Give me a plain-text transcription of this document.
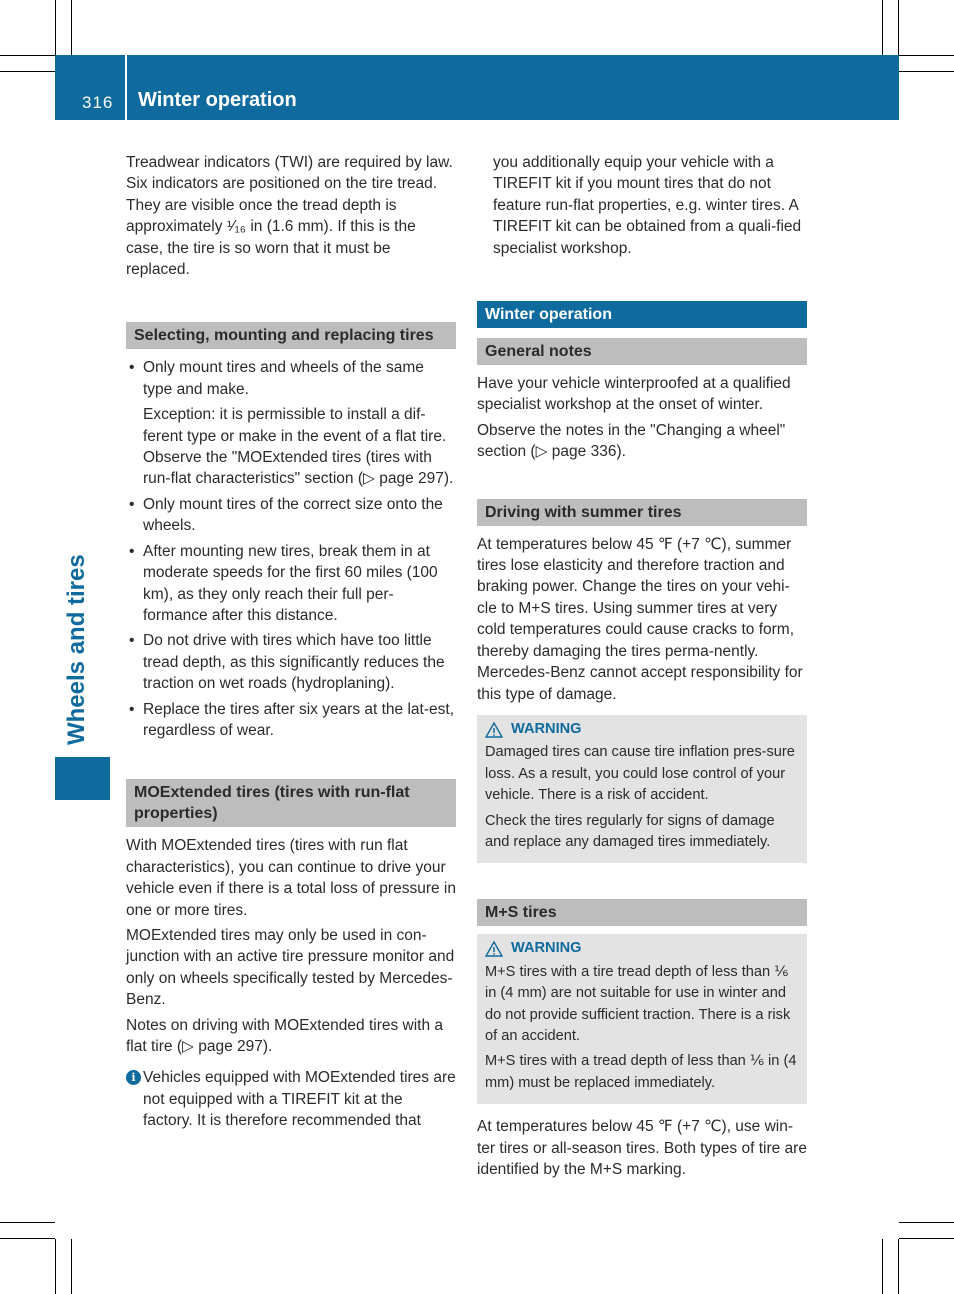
316 Winter operation
Wheels and tires

Treadwear indicators (TWI) are required by law. Six indicators are positioned on the tire tread. They are visible once the tread depth is approximately ¹⁄₁₆ in (1.6 mm). If this is the case, the tire is so worn that it must be replaced.

Selecting, mounting and replacing tires
• Only mount tires and wheels of the same type and make.

Exception: it is permissible to install a dif-ferent type or make in the event of a flat tire. Observe the "MOExtended tires (tires with run-flat characteristics" section (▷ page 297).

• Only mount tires of the correct size onto the wheels.

• After mounting new tires, break them in at moderate speeds for the first 60 miles (100 km), as they only reach their full per-formance after this distance.

• Do not drive with tires which have too little tread depth, as this significantly reduces the traction on wet roads (hydroplaning).

• Replace the tires after six years at the lat-est, regardless of wear.

MOExtended tires (tires with run-flat properties)

With MOExtended tires (tires with run flat characteristics), you can continue to drive your vehicle even if there is a total loss of pressure in one or more tires.

MOExtended tires may only be used in con-junction with an active tire pressure monitor and only on wheels specifically tested by Mercedes-Benz.

Notes on driving with MOExtended tires with a flat tire (▷ page 297).

i Vehicles equipped with MOExtended tires are not equipped with a TIREFIT kit at the factory. It is therefore recommended that

you additionally equip your vehicle with a TIREFIT kit if you mount tires that do not feature run-flat properties, e.g. winter tires. A TIREFIT kit can be obtained from a quali-fied specialist workshop.

Winter operation
General notes

Have your vehicle winterproofed at a qualified specialist workshop at the onset of winter.

Observe the notes in the "Changing a wheel" section (▷ page 336).

Driving with summer tires

At temperatures below 45 ℉ (+7 ℃), summer tires lose elasticity and therefore traction and braking power. Change the tires on your vehi-cle to M+S tires. Using summer tires at very cold temperatures could cause cracks to form, thereby damaging the tires perma-nently. Mercedes-Benz cannot accept responsibility for this type of damage.

WARNING

Damaged tires can cause tire inflation pres-sure loss. As a result, you could lose control of your vehicle. There is a risk of accident.

Check the tires regularly for signs of damage and replace any damaged tires immediately.

M+S tires
WARNING

M+S tires with a tire tread depth of less than ⅙ in (4 mm) are not suitable for use in winter and do not provide sufficient traction. There is a risk of an accident.

M+S tires with a tread depth of less than ⅙ in (4 mm) must be replaced immediately.

At temperatures below 45 ℉ (+7 ℃), use win-ter tires or all-season tires. Both types of tire are identified by the M+S marking.
